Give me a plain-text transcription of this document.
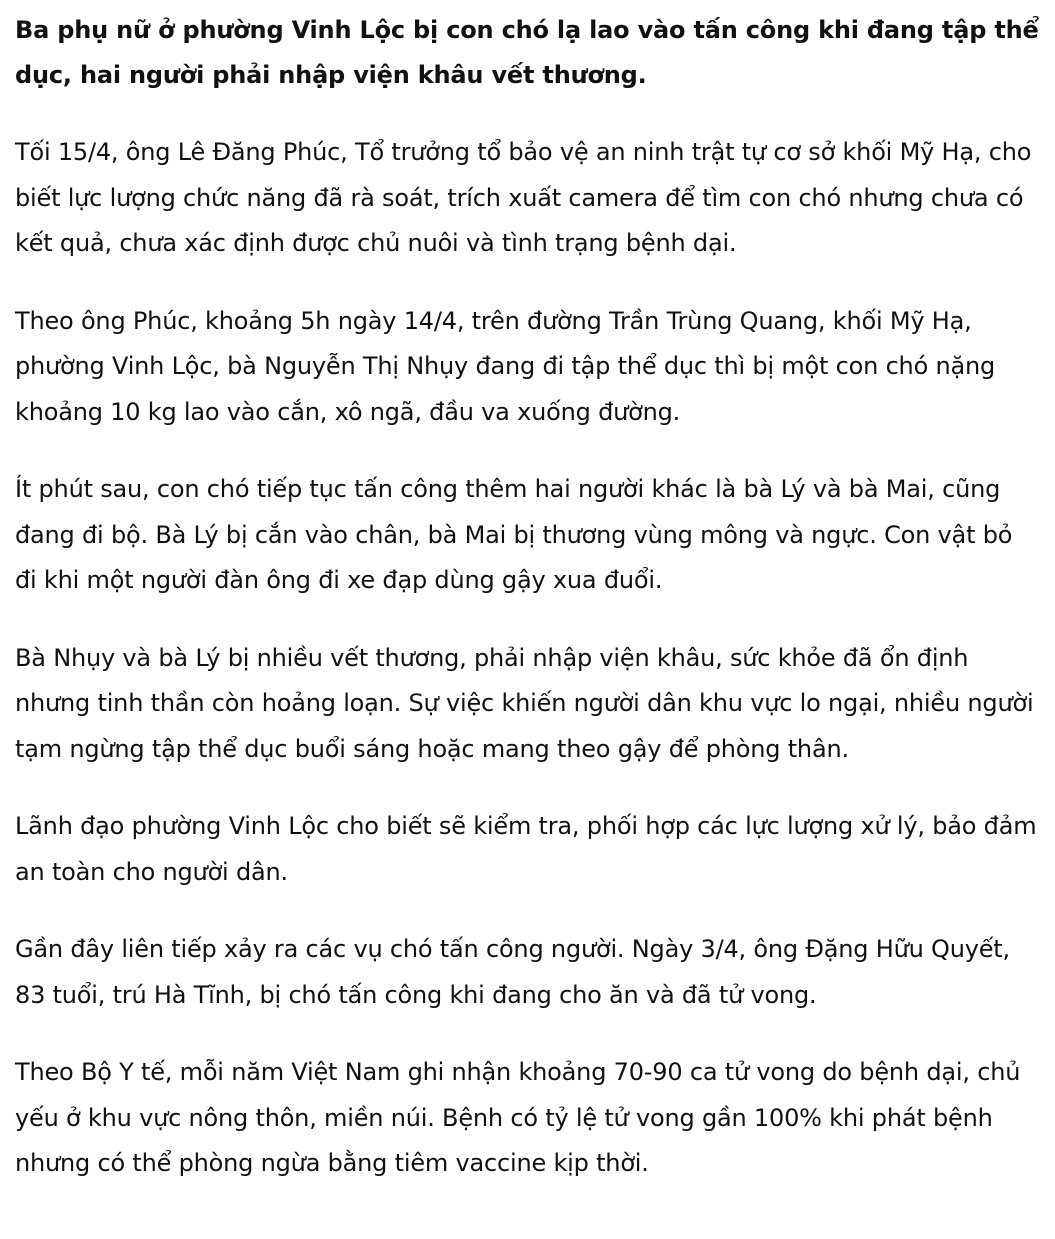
Ba phụ nữ ở phường Vinh Lộc bị con chó lạ lao vào tấn công khi đang tập thể dục, hai người phải nhập viện khâu vết thương.

Tối 15/4, ông Lê Đăng Phúc, Tổ trưởng tổ bảo vệ an ninh trật tự cơ sở khối Mỹ Hạ, cho biết lực lượng chức năng đã rà soát, trích xuất camera để tìm con chó nhưng chưa có kết quả, chưa xác định được chủ nuôi và tình trạng bệnh dại.

Theo ông Phúc, khoảng 5h ngày 14/4, trên đường Trần Trùng Quang, khối Mỹ Hạ, phường Vinh Lộc, bà Nguyễn Thị Nhụy đang đi tập thể dục thì bị một con chó nặng khoảng 10 kg lao vào cắn, xô ngã, đầu va xuống đường.

Ít phút sau, con chó tiếp tục tấn công thêm hai người khác là bà Lý và bà Mai, cũng đang đi bộ. Bà Lý bị cắn vào chân, bà Mai bị thương vùng mông và ngực. Con vật bỏ đi khi một người đàn ông đi xe đạp dùng gậy xua đuổi.

Bà Nhụy và bà Lý bị nhiều vết thương, phải nhập viện khâu, sức khỏe đã ổn định nhưng tinh thần còn hoảng loạn. Sự việc khiến người dân khu vực lo ngại, nhiều người tạm ngừng tập thể dục buổi sáng hoặc mang theo gậy để phòng thân.

Lãnh đạo phường Vinh Lộc cho biết sẽ kiểm tra, phối hợp các lực lượng xử lý, bảo đảm an toàn cho người dân.

Gần đây liên tiếp xảy ra các vụ chó tấn công người. Ngày 3/4, ông Đặng Hữu Quyết, 83 tuổi, trú Hà Tĩnh, bị chó tấn công khi đang cho ăn và đã tử vong.

Theo Bộ Y tế, mỗi năm Việt Nam ghi nhận khoảng 70-90 ca tử vong do bệnh dại, chủ yếu ở khu vực nông thôn, miền núi. Bệnh có tỷ lệ tử vong gần 100% khi phát bệnh nhưng có thể phòng ngừa bằng tiêm vaccine kịp thời.
